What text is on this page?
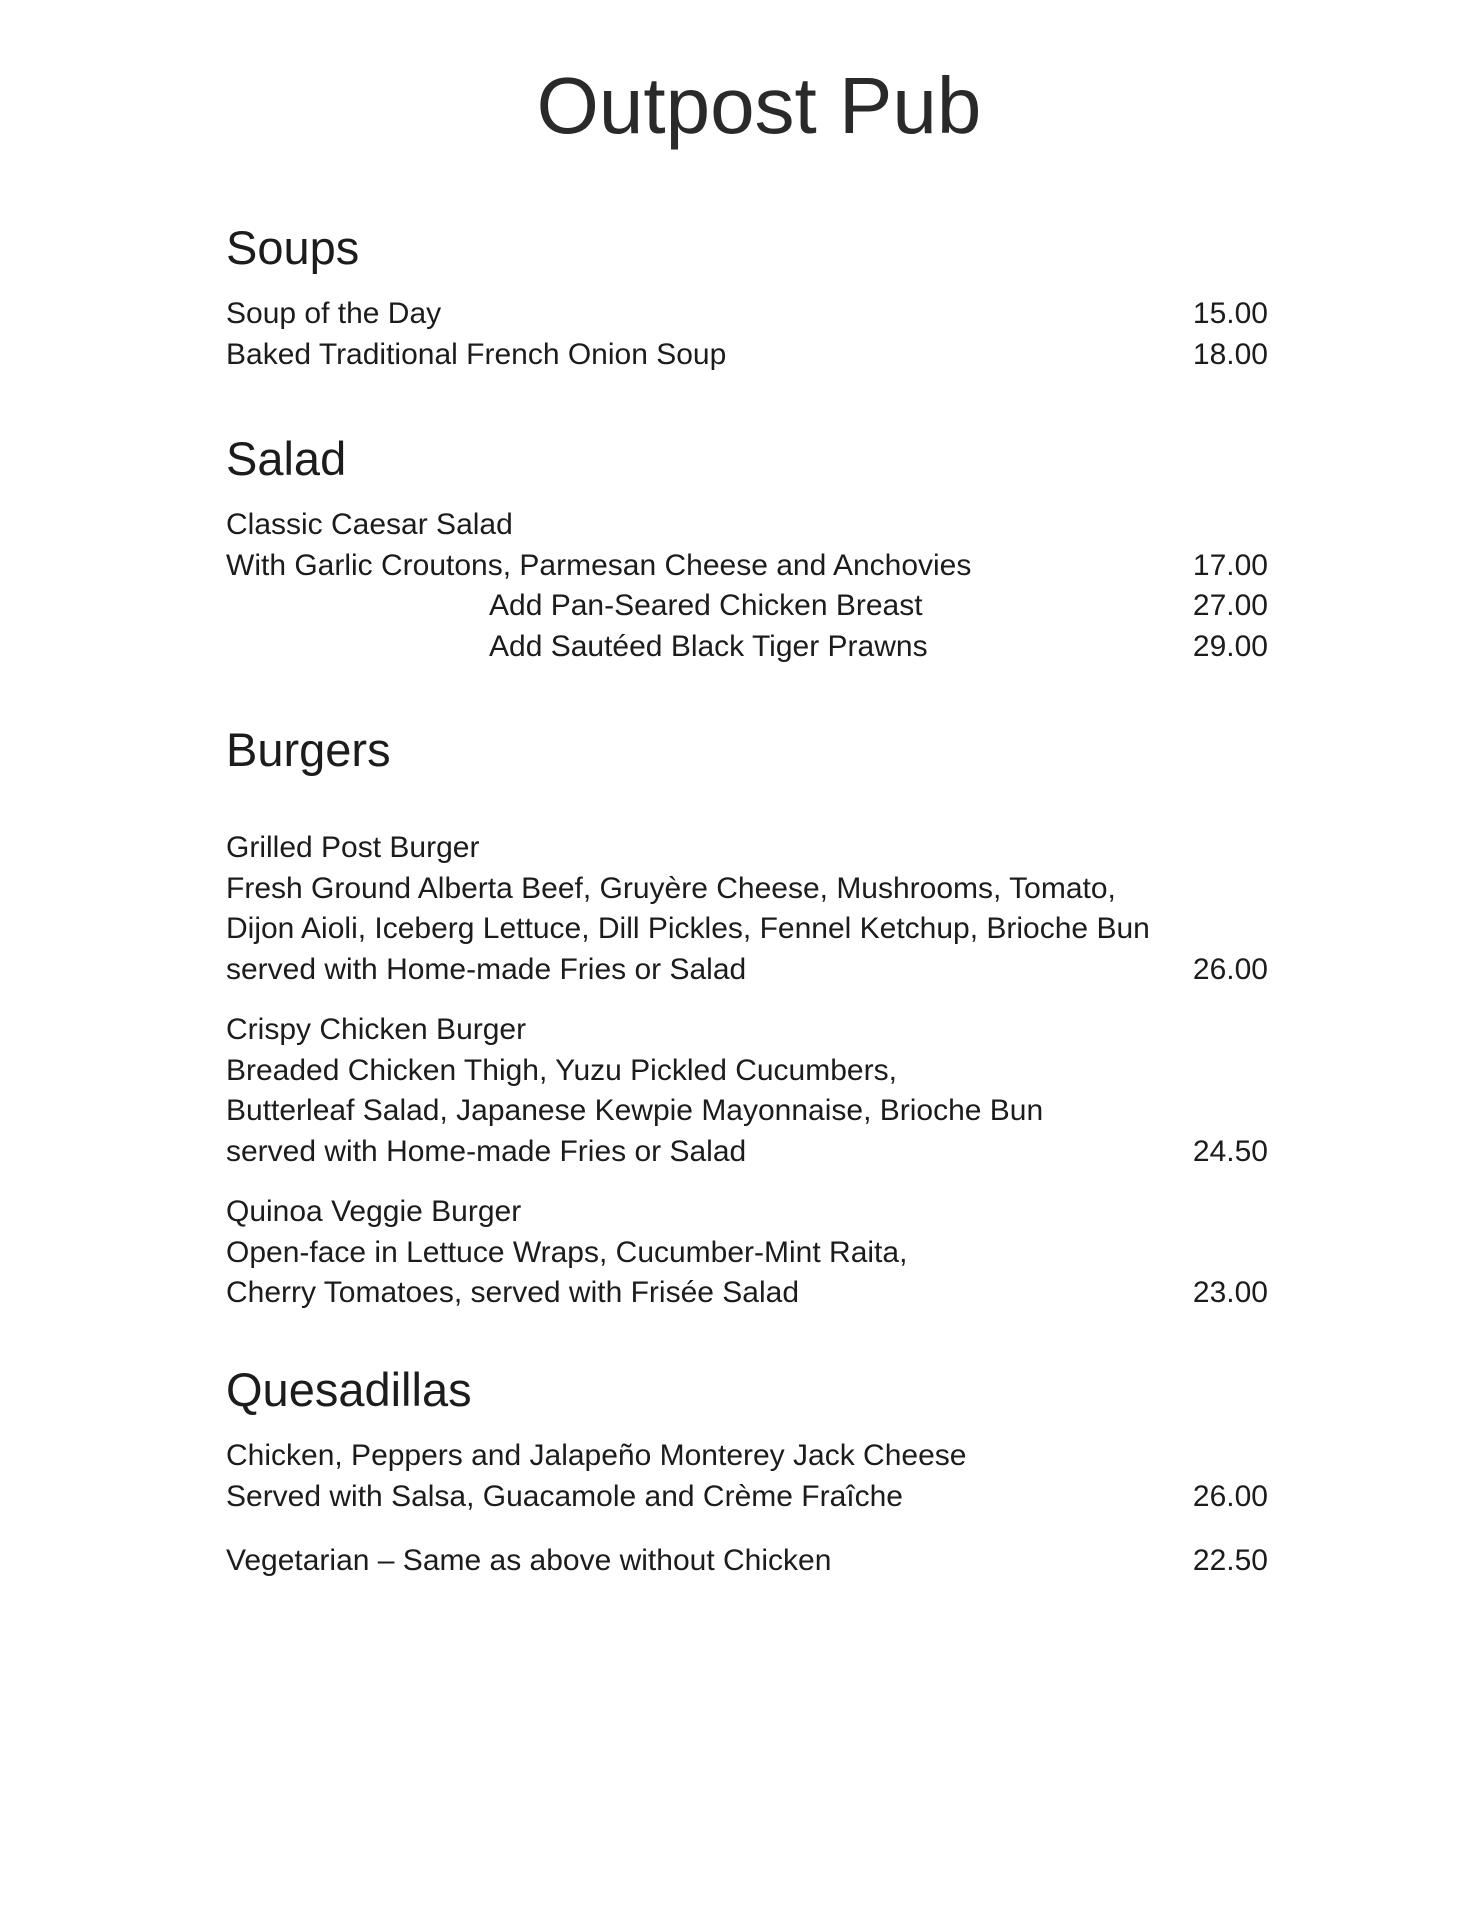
Outpost Pub
Soups
Soup of the Day	15.00
Baked Traditional French Onion Soup	18.00
Salad
Classic Caesar Salad
With Garlic Croutons, Parmesan Cheese and Anchovies	17.00
Add Pan-Seared Chicken Breast	27.00
Add Sautéed Black Tiger Prawns	29.00
Burgers
Grilled Post Burger
Fresh Ground Alberta Beef, Gruyère Cheese, Mushrooms, Tomato,
Dijon Aioli, Iceberg Lettuce, Dill Pickles, Fennel Ketchup, Brioche Bun
served with Home-made Fries or Salad	26.00
Crispy Chicken Burger
Breaded Chicken Thigh, Yuzu Pickled Cucumbers,
Butterleaf Salad, Japanese Kewpie Mayonnaise, Brioche Bun
served with Home-made Fries or Salad	24.50
Quinoa Veggie Burger
Open-face in Lettuce Wraps, Cucumber-Mint Raita,
Cherry Tomatoes, served with Frisée Salad	23.00
Quesadillas
Chicken, Peppers and Jalapeño Monterey Jack Cheese
Served with Salsa, Guacamole and Crème Fraîche	26.00
Vegetarian – Same as above without Chicken	22.50
